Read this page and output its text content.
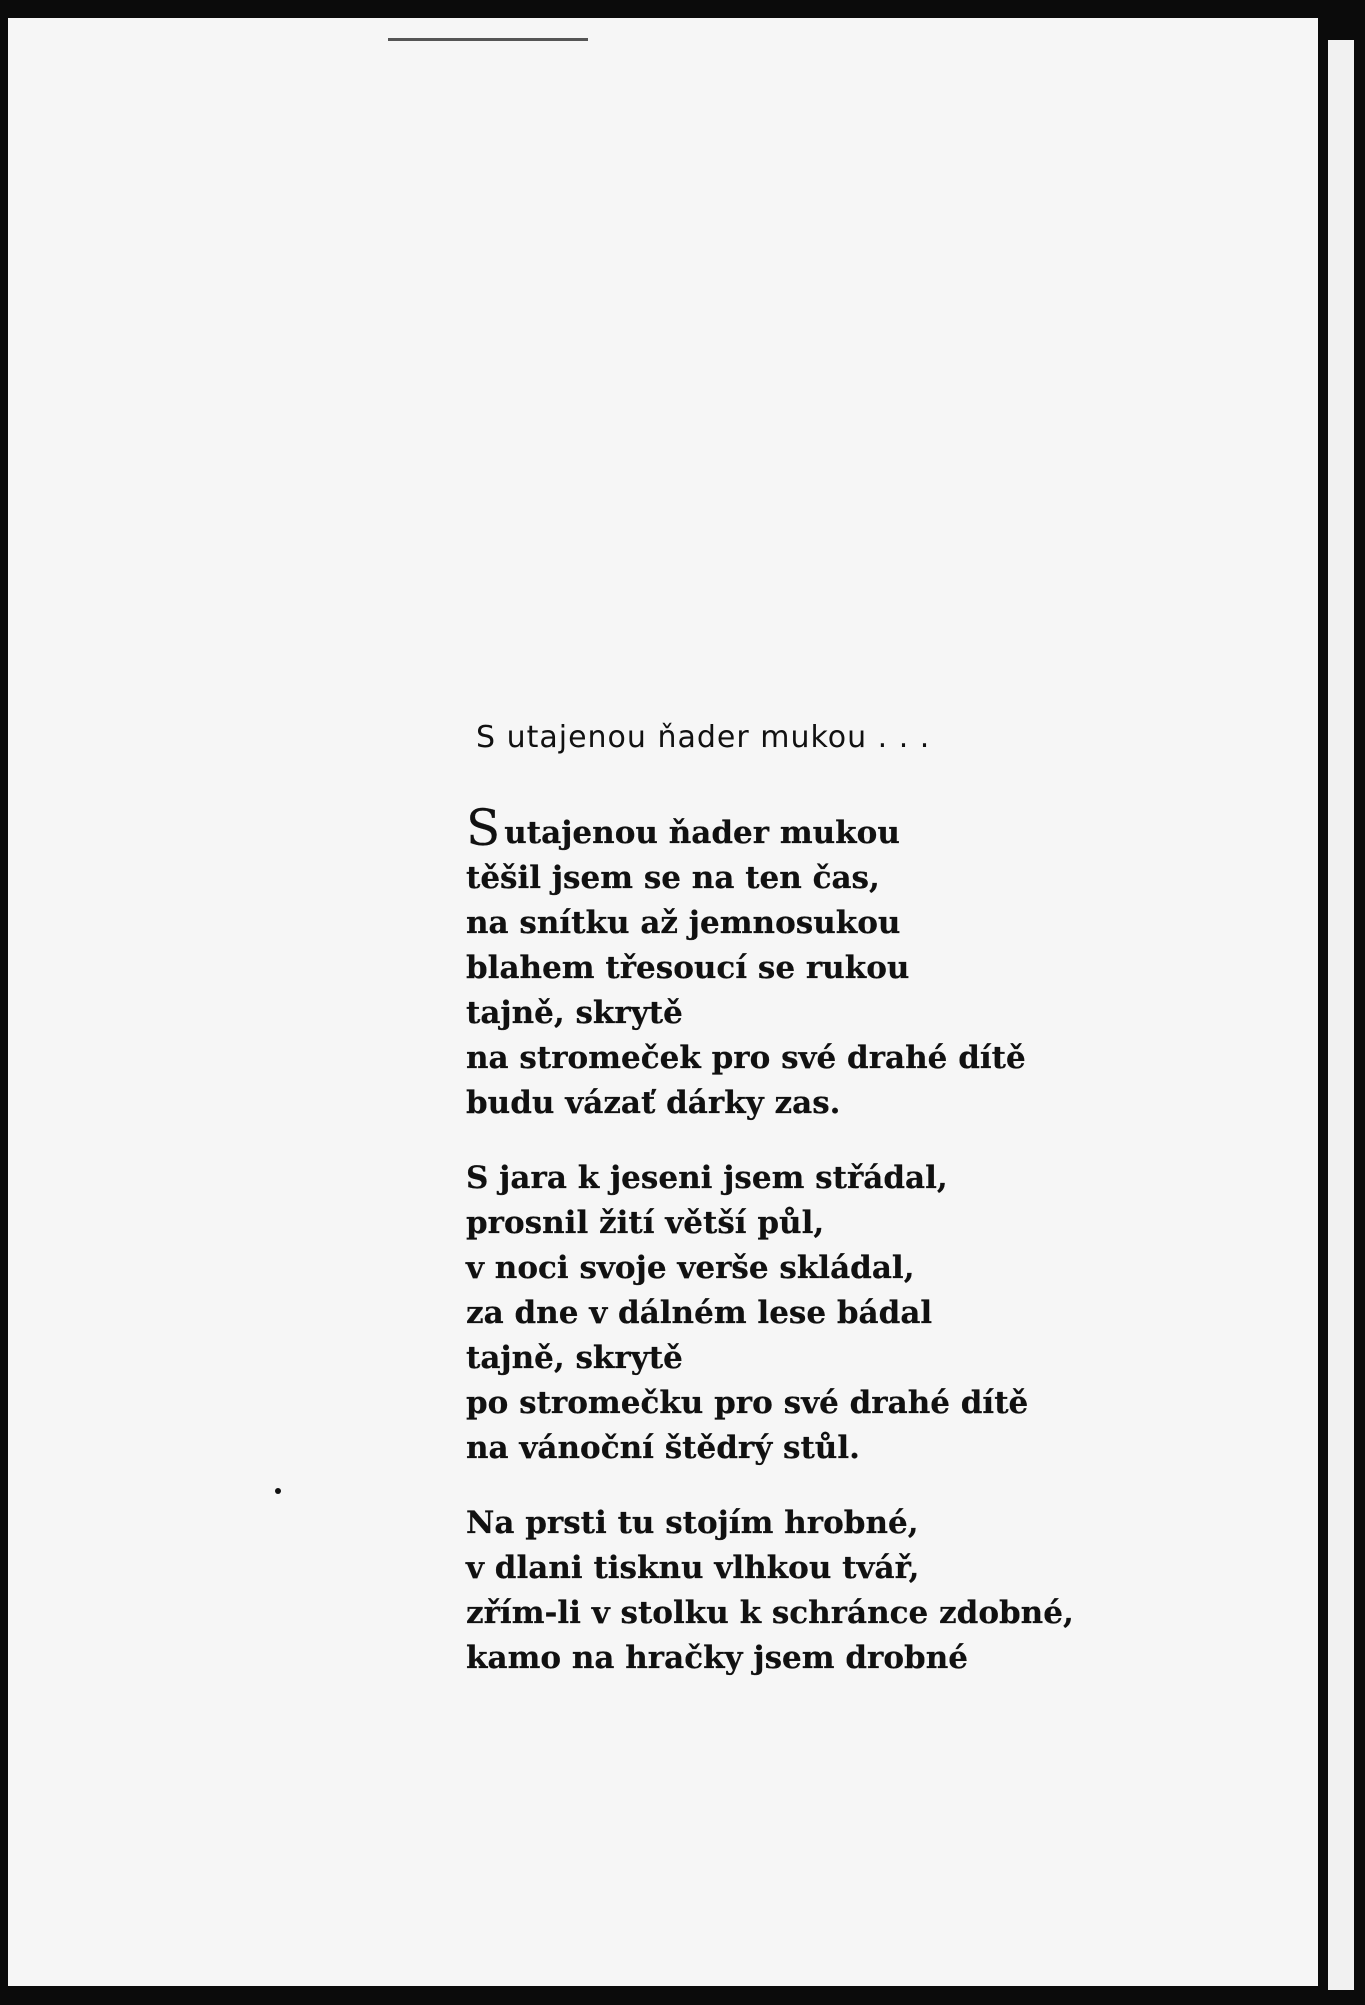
S utajenou ňader mukou . . .
Sutajenou ňader mukou
těšil jsem se na ten čas,
na snítku až jemnosukou
blahem třesoucí se rukou
tajně, skrytě
na stromeček pro své drahé dítě
budu vázať dárky zas.
S jara k jeseni jsem střádal,
prosnil žití větší půl,
v noci svoje verše skládal,
za dne v dálném lese bádal
tajně, skrytě
po stromečku pro své drahé dítě
na vánoční štědrý stůl.
Na prsti tu stojím hrobné,
v dlani tisknu vlhkou tvář,
zřím-li v stolku k schránce zdobné,
kamo na hračky jsem drobné
